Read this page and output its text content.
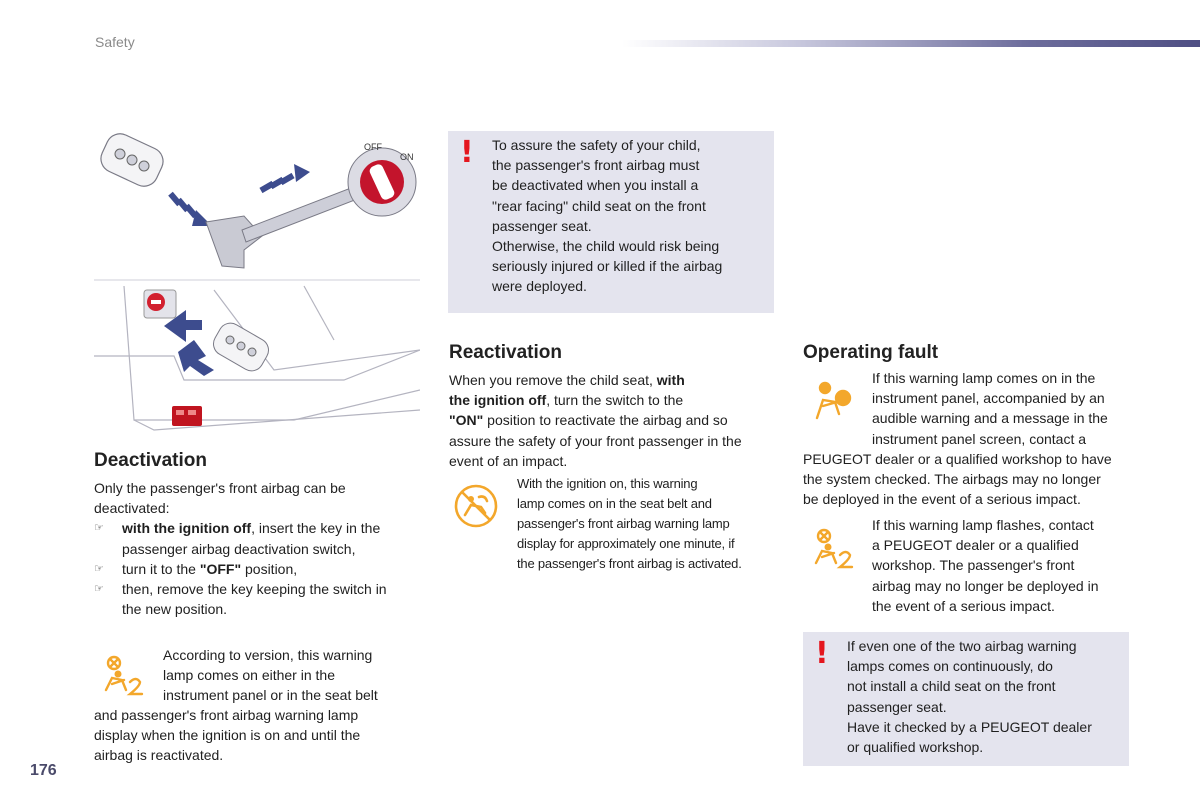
Safety
176
OFF
ON ! To assure the safety of your child,
the passenger's front airbag must
be deactivated when you install a
"rear facing" child seat on the front
passenger seat.
Otherwise, the child would risk being
seriously injured or killed if the airbag
were deployed.
Deactivation
Only the passenger's front airbag can be
deactivated:
☞ with the ignition off, insert the key in the
passenger airbag deactivation switch,
☞ turn it to the "OFF" position,
☞ then, remove the key keeping the switch in
the new position.
According to version, this warning
lamp comes on either in the
instrument panel or in the seat belt
and passenger's front airbag warning lamp
display when the ignition is on and until the
airbag is reactivated.
Reactivation
When you remove the child seat, with
the ignition off, turn the switch to the
"ON" position to reactivate the airbag and so
assure the safety of your front passenger in the
event of an impact.
With the ignition on, this warning
lamp comes on in the seat belt and
passenger's front airbag warning lamp
display for approximately one minute, if
the passenger's front airbag is activated.
Operating fault
If this warning lamp comes on in the
instrument panel, accompanied by an
audible warning and a message in the
instrument panel screen, contact a
PEUGEOT dealer or a qualified workshop to have
the system checked. The airbags may no longer
be deployed in the event of a serious impact.
If this warning lamp flashes, contact
a PEUGEOT dealer or a qualified
workshop. The passenger's front
airbag may no longer be deployed in
the event of a serious impact.
! If even one of the two airbag warning
lamps comes on continuously, do
not install a child seat on the front
passenger seat.
Have it checked by a PEUGEOT dealer
or qualified workshop.
